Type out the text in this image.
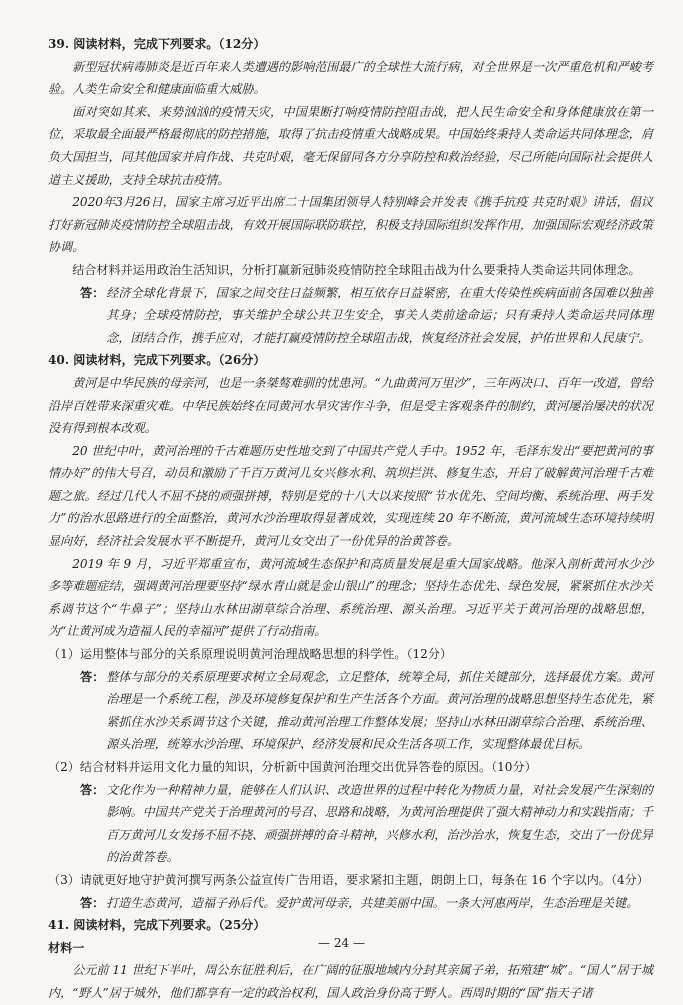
39. 阅读材料，完成下列要求。（12分）

新型冠状病毒肺炎是近百年来人类遭遇的影响范围最广的全球性大流行病，对全世界是一次严重危机和严峻考验。人类生命安全和健康面临重大威胁。

面对突如其来、来势汹汹的疫情天灾，中国果断打响疫情防控阻击战，把人民生命安全和身体健康放在第一位，采取最全面最严格最彻底的防控措施，取得了抗击疫情重大战略成果。中国始终秉持人类命运共同体理念，肩负大国担当，同其他国家并肩作战、共克时艰，毫无保留同各方分享防控和救治经验，尽己所能向国际社会提供人道主义援助，支持全球抗击疫情。

2020年3月26日，国家主席习近平出席二十国集团领导人特别峰会并发表《携手抗疫 共克时艰》讲话，倡议打好新冠肺炎疫情防控全球阻击战，有效开展国际联防联控，积极支持国际组织发挥作用，加强国际宏观经济政策协调。

结合材料并运用政治生活知识，分析打赢新冠肺炎疫情防控全球阻击战为什么要秉持人类命运共同体理念。

答： 经济全球化背景下，国家之间交往日益频繁，相互依存日益紧密，在重大传染性疾病面前各国难以独善其身；全球疫情防控，事关维护全球公共卫生安全，事关人类前途命运；只有秉持人类命运共同体理念，团结合作，携手应对，才能打赢疫情防控全球阻击战，恢复经济社会发展，护佑世界和人民康宁。

40. 阅读材料，完成下列要求。（26分）

黄河是中华民族的母亲河，也是一条桀骜难驯的忧患河。“九曲黄河万里沙”，三年两决口、百年一改道，曾给沿岸百姓带来深重灾难。中华民族始终在同黄河水旱灾害作斗争，但是受主客观条件的制约，黄河屡治屡决的状况没有得到根本改观。

20 世纪中叶，黄河治理的千古难题历史性地交到了中国共产党人手中。1952 年，毛泽东发出“要把黄河的事情办好”的伟大号召，动员和激励了千百万黄河儿女兴修水利、筑坝拦洪、修复生态，开启了破解黄河治理千古难题之旅。经过几代人不屈不挠的顽强拼搏，特别是党的十八大以来按照“节水优先、空间均衡、系统治理、两手发力”的治水思路进行的全面整治，黄河水沙治理取得显著成效，实现连续 20 年不断流，黄河流域生态环境持续明显向好，经济社会发展水平不断提升，黄河儿女交出了一份优异的治黄答卷。

2019 年 9 月，习近平郑重宣布，黄河流域生态保护和高质量发展是重大国家战略。他深入剖析黄河水少沙多等难题症结，强调黄河治理要坚持“绿水青山就是金山银山”的理念；坚持生态优先、绿色发展，紧紧抓住水沙关系调节这个“牛鼻子”；坚持山水林田湖草综合治理、系统治理、源头治理。习近平关于黄河治理的战略思想，为“让黄河成为造福人民的幸福河”提供了行动指南。

（1）运用整体与部分的关系原理说明黄河治理战略思想的科学性。（12分）

答： 整体与部分的关系原理要求树立全局观念，立足整体，统筹全局，抓住关键部分，选择最优方案。黄河治理是一个系统工程，涉及环境修复保护和生产生活各个方面。黄河治理的战略思想坚持生态优先，紧紧抓住水沙关系调节这个关键，推动黄河治理工作整体发展；坚持山水林田湖草综合治理、系统治理、源头治理，统筹水沙治理、环境保护、经济发展和民众生活各项工作，实现整体最优目标。

（2）结合材料并运用文化力量的知识，分析新中国黄河治理交出优异答卷的原因。（10分）

答： 文化作为一种精神力量，能够在人们认识、改造世界的过程中转化为物质力量，对社会发展产生深刻的影响。中国共产党关于治理黄河的号召、思路和战略，为黄河治理提供了强大精神动力和实践指南；千百万黄河儿女发扬不屈不挠、顽强拼搏的奋斗精神，兴修水利，治沙治水，恢复生态，交出了一份优异的治黄答卷。

（3）请就更好地守护黄河撰写两条公益宣传广告用语，要求紧扣主题，朗朗上口，每条在 16 个字以内。（4分）

答： 打造生态黄河，造福子孙后代。爱护黄河母亲，共建美丽中国。一条大河惠两岸，生态治理是关键。

41. 阅读材料，完成下列要求。（25分）

材料一

公元前 11 世纪下半叶，周公东征胜利后，在广阔的征服地域内分封其亲属子弟，拓殖建“城”。“国人”居于城内，“野人”居于城外，他们都享有一定的政治权利，国人政治身份高于野人。西周时期的“国”指天子诸

— 24 —
